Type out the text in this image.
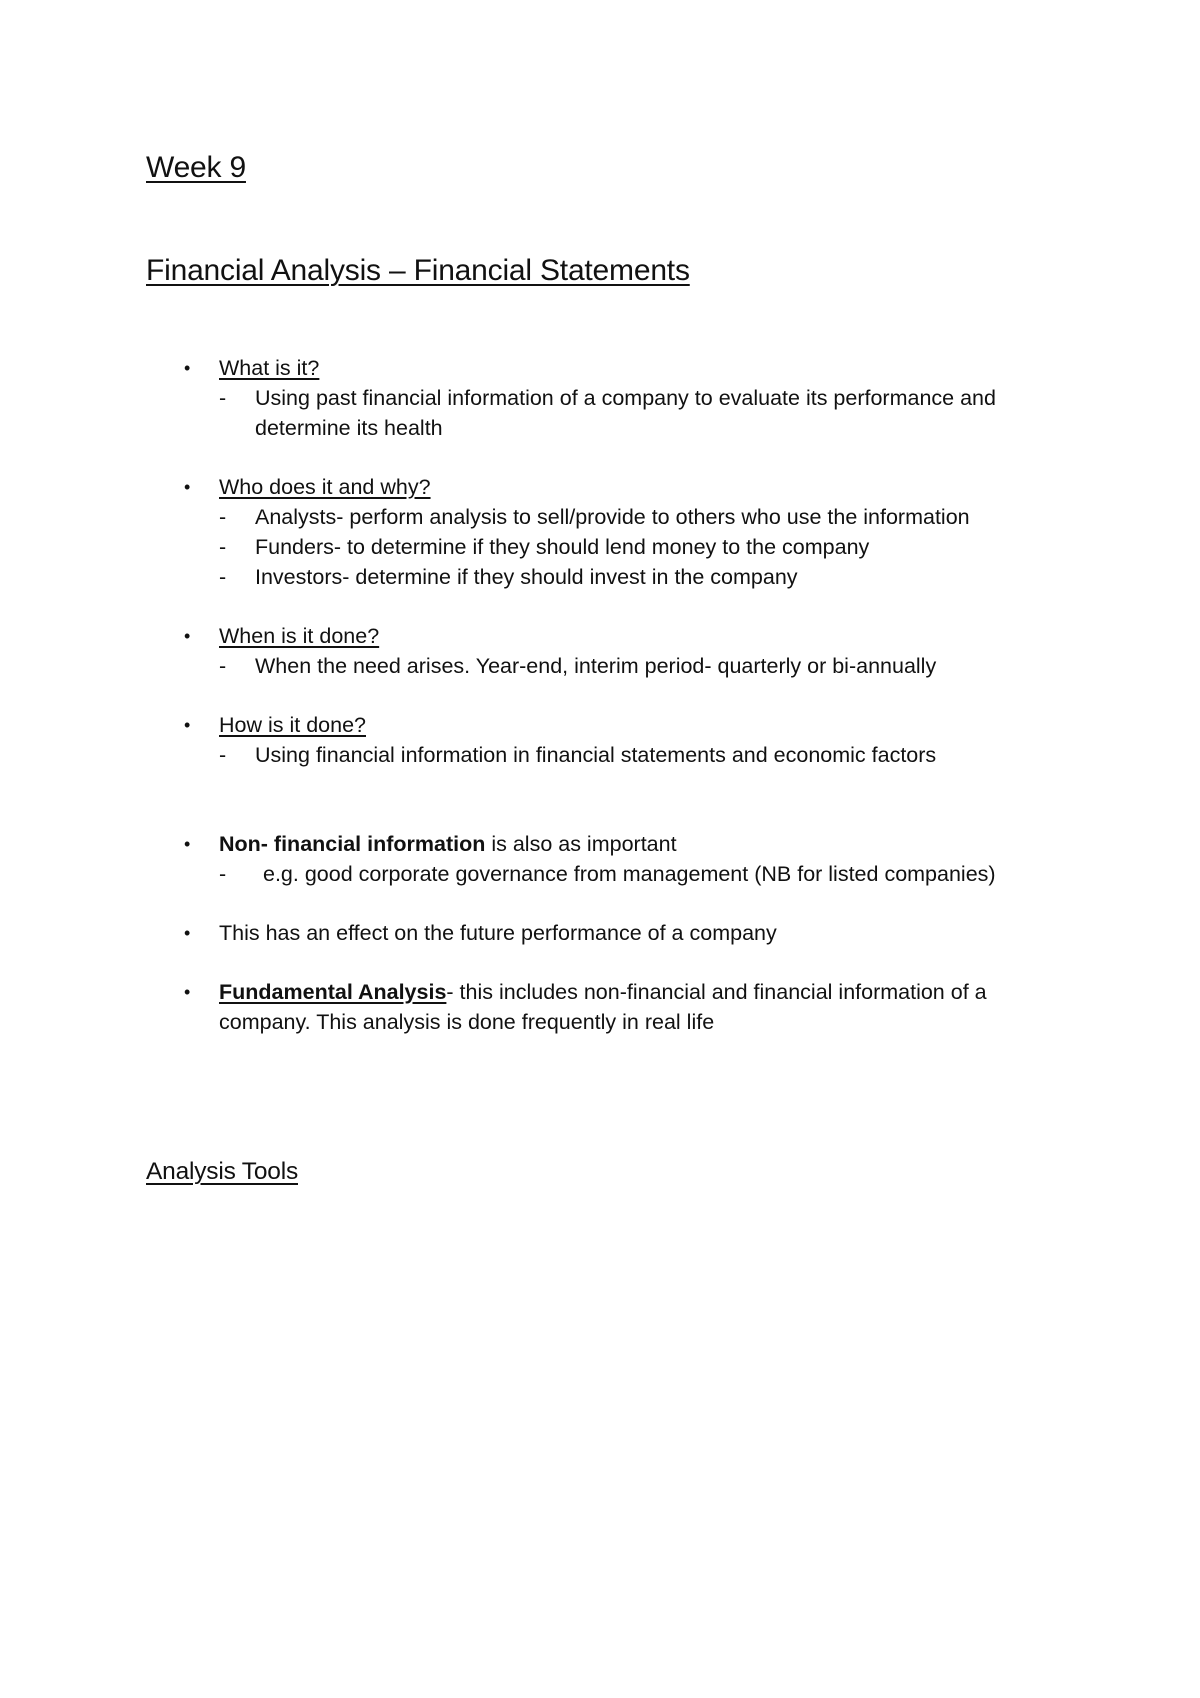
Week 9
Financial Analysis – Financial Statements
• What is it?
- Using past financial information of a company to evaluate its performance and
determine its health
• Who does it and why?
- Analysts- perform analysis to sell/provide to others who use the information
- Funders- to determine if they should lend money to the company
- Investors- determine if they should invest in the company
• When is it done?
- When the need arises. Year-end, interim period- quarterly or bi-annually
• How is it done?
- Using financial information in financial statements and economic factors
• Non- financial information is also as important
- e.g. good corporate governance from management (NB for listed companies)
• This has an effect on the future performance of a company
• Fundamental Analysis- this includes non-financial and financial information of a
company. This analysis is done frequently in real life
Analysis Tools
